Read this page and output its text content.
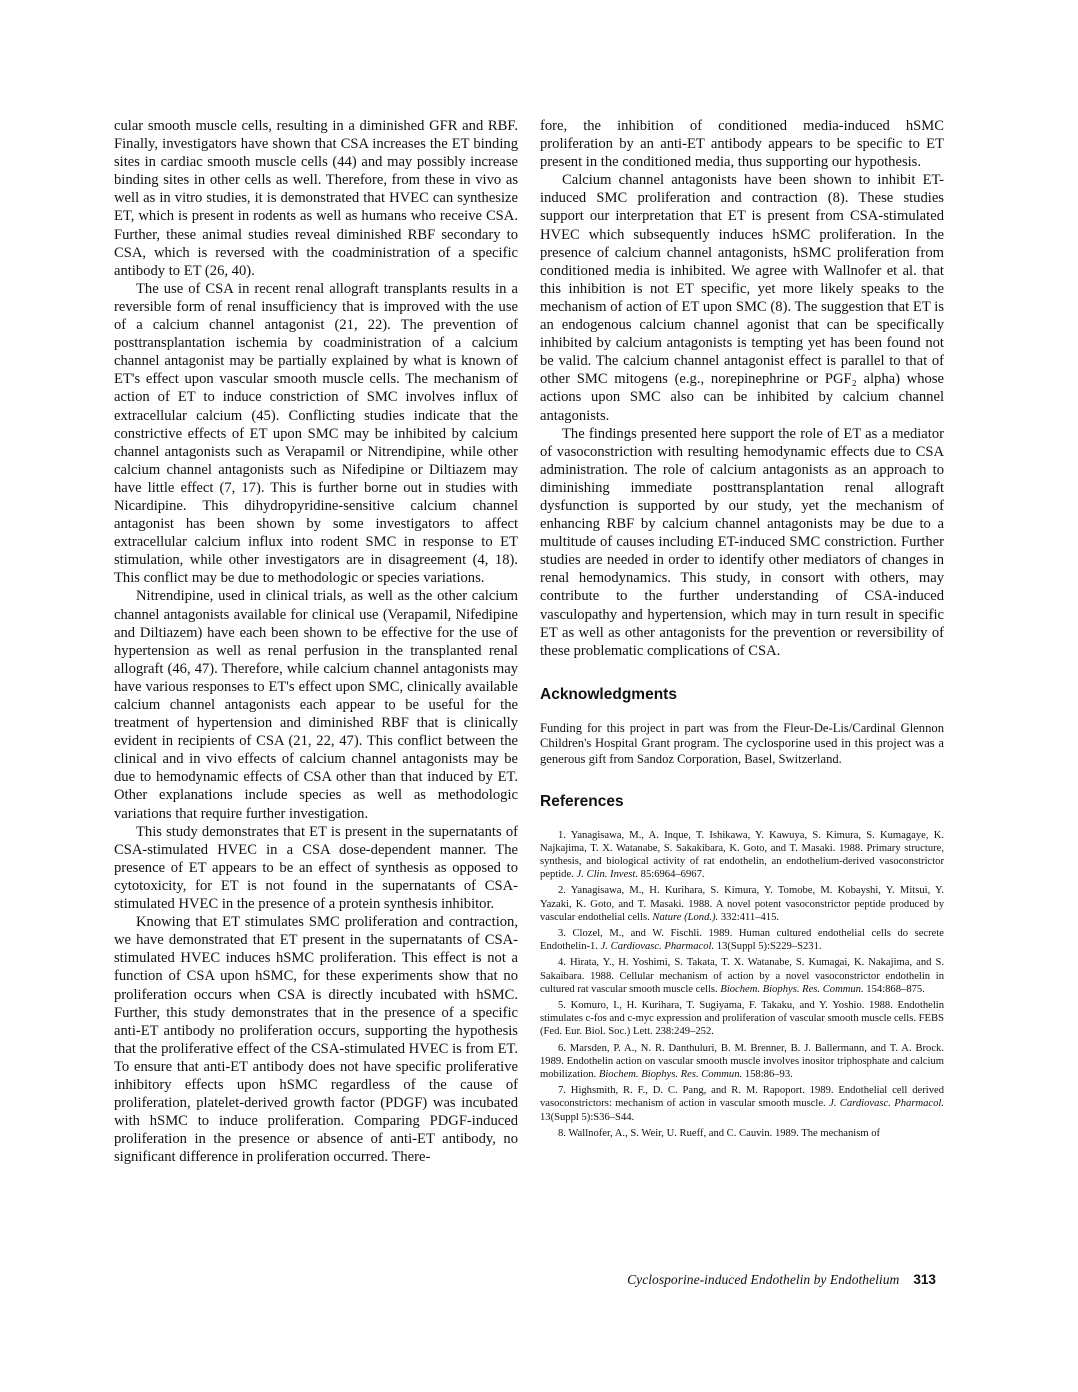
cular smooth muscle cells, resulting in a diminished GFR and RBF. Finally, investigators have shown that CSA increases the ET binding sites in cardiac smooth muscle cells (44) and may possibly increase binding sites in other cells as well. Therefore, from these in vivo as well as in vitro studies, it is demonstrated that HVEC can synthesize ET, which is present in rodents as well as humans who receive CSA. Further, these animal studies reveal diminished RBF secondary to CSA, which is reversed with the coadministration of a specific antibody to ET (26, 40).

The use of CSA in recent renal allograft transplants results in a reversible form of renal insufficiency that is improved with the use of a calcium channel antagonist (21, 22). The prevention of posttransplantation ischemia by coadministration of a calcium channel antagonist may be partially explained by what is known of ET's effect upon vascular smooth muscle cells. The mechanism of action of ET to induce constriction of SMC involves influx of extracellular calcium (45). Conflicting studies indicate that the constrictive effects of ET upon SMC may be inhibited by calcium channel antagonists such as Verapamil or Nitrendipine, while other calcium channel antagonists such as Nifedipine or Diltiazem may have little effect (7, 17). This is further borne out in studies with Nicardipine. This dihydropyridine-sensitive calcium channel antagonist has been shown by some investigators to affect extracellular calcium influx into rodent SMC in response to ET stimulation, while other investigators are in disagreement (4, 18). This conflict may be due to methodologic or species variations.

Nitrendipine, used in clinical trials, as well as the other calcium channel antagonists available for clinical use (Verapamil, Nifedipine and Diltiazem) have each been shown to be effective for the use of hypertension as well as renal perfusion in the transplanted renal allograft (46, 47). Therefore, while calcium channel antagonists may have various responses to ET's effect upon SMC, clinically available calcium channel antagonists each appear to be useful for the treatment of hypertension and diminished RBF that is clinically evident in recipients of CSA (21, 22, 47). This conflict between the clinical and in vivo effects of calcium channel antagonists may be due to hemodynamic effects of CSA other than that induced by ET. Other explanations include species as well as methodologic variations that require further investigation.

This study demonstrates that ET is present in the supernatants of CSA-stimulated HVEC in a CSA dose-dependent manner. The presence of ET appears to be an effect of synthesis as opposed to cytotoxicity, for ET is not found in the supernatants of CSA-stimulated HVEC in the presence of a protein synthesis inhibitor.

Knowing that ET stimulates SMC proliferation and contraction, we have demonstrated that ET present in the supernatants of CSA-stimulated HVEC induces hSMC proliferation. This effect is not a function of CSA upon hSMC, for these experiments show that no proliferation occurs when CSA is directly incubated with hSMC. Further, this study demonstrates that in the presence of a specific anti-ET antibody no proliferation occurs, supporting the hypothesis that the proliferative effect of the CSA-stimulated HVEC is from ET. To ensure that anti-ET antibody does not have specific proliferative inhibitory effects upon hSMC regardless of the cause of proliferation, platelet-derived growth factor (PDGF) was incubated with hSMC to induce proliferation. Comparing PDGF-induced proliferation in the presence or absence of anti-ET antibody, no significant difference in proliferation occurred. There-

fore, the inhibition of conditioned media-induced hSMC proliferation by an anti-ET antibody appears to be specific to ET present in the conditioned media, thus supporting our hypothesis.

Calcium channel antagonists have been shown to inhibit ET-induced SMC proliferation and contraction (8). These studies support our interpretation that ET is present from CSA-stimulated HVEC which subsequently induces hSMC proliferation. In the presence of calcium channel antagonists, hSMC proliferation from conditioned media is inhibited. We agree with Wallnofer et al. that this inhibition is not ET specific, yet more likely speaks to the mechanism of action of ET upon SMC (8). The suggestion that ET is an endogenous calcium channel agonist that can be specifically inhibited by calcium antagonists is tempting yet has been found not be valid. The calcium channel antagonist effect is parallel to that of other SMC mitogens (e.g., norepinephrine or PGF₂ alpha) whose actions upon SMC also can be inhibited by calcium channel antagonists.

The findings presented here support the role of ET as a mediator of vasoconstriction with resulting hemodynamic effects due to CSA administration. The role of calcium antagonists as an approach to diminishing immediate posttransplantation renal allograft dysfunction is supported by our study, yet the mechanism of enhancing RBF by calcium channel antagonists may be due to a multitude of causes including ET-induced SMC constriction. Further studies are needed in order to identify other mediators of changes in renal hemodynamics. This study, in consort with others, may contribute to the further understanding of CSA-induced vasculopathy and hypertension, which may in turn result in specific ET as well as other antagonists for the prevention or reversibility of these problematic complications of CSA.

Acknowledgments

Funding for this project in part was from the Fleur-De-Lis/Cardinal Glennon Children's Hospital Grant program. The cyclosporine used in this project was a generous gift from Sandoz Corporation, Basel, Switzerland.

References

1. Yanagisawa, M., A. Inque, T. Ishikawa, Y. Kawuya, S. Kimura, S. Kumagaye, K. Najkajima, T. X. Watanabe, S. Sakakibara, K. Goto, and T. Masaki. 1988. Primary structure, synthesis, and biological activity of rat endothelin, an endothelium-derived vasoconstrictor peptide. J. Clin. Invest. 85:6964–6967.

2. Yanagisawa, M., H. Kurihara, S. Kimura, Y. Tomobe, M. Kobayshi, Y. Mitsui, Y. Yazaki, K. Goto, and T. Masaki. 1988. A novel potent vasoconstrictor peptide produced by vascular endothelial cells. Nature (Lond.). 332:411–415.

3. Clozel, M., and W. Fischli. 1989. Human cultured endothelial cells do secrete Endothelin-1. J. Cardiovasc. Pharmacol. 13(Suppl 5):S229–S231.

4. Hirata, Y., H. Yoshimi, S. Takata, T. X. Watanabe, S. Kumagai, K. Nakajima, and S. Sakaibara. 1988. Cellular mechanism of action by a novel vasoconstrictor endothelin in cultured rat vascular smooth muscle cells. Biochem. Biophys. Res. Commun. 154:868–875.

5. Komuro, I., H. Kurihara, T. Sugiyama, F. Takaku, and Y. Yoshio. 1988. Endothelin stimulates c-fos and c-myc expression and proliferation of vascular smooth muscle cells. FEBS (Fed. Eur. Biol. Soc.) Lett. 238:249–252.

6. Marsden, P. A., N. R. Danthuluri, B. M. Brenner, B. J. Ballermann, and T. A. Brock. 1989. Endothelin action on vascular smooth muscle involves inositor triphosphate and calcium mobilization. Biochem. Biophys. Res. Commun. 158:86–93.

7. Highsmith, R. F., D. C. Pang, and R. M. Rapoport. 1989. Endothelial cell derived vasoconstrictors: mechanism of action in vascular smooth muscle. J. Cardiovasc. Pharmacol. 13(Suppl 5):S36–S44.

8. Wallnofer, A., S. Weir, U. Rueff, and C. Cauvin. 1989. The mechanism of

Cyclosporine-induced Endothelin by Endothelium 313
